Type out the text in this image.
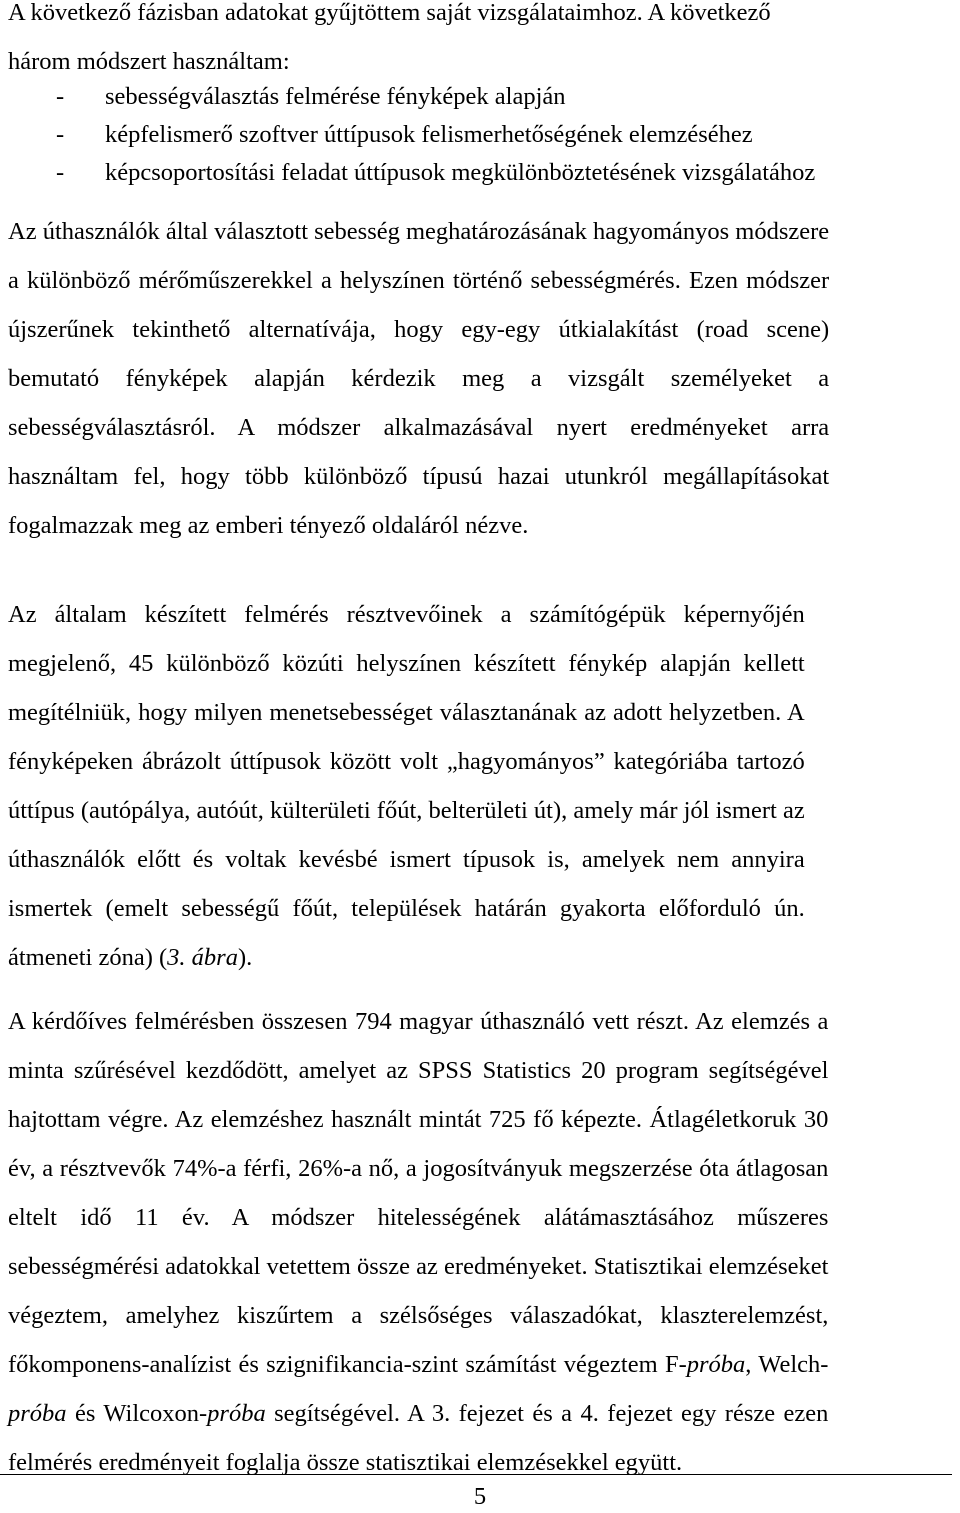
A következő fázisban adatokat gyűjtöttem saját vizsgálataimhoz. A következő
három módszert használtam:

- sebességválasztás felmérése fényképek alapján
- képfelismerő szoftver úttípusok felismerhetőségének elemzéséhez
- képcsoportosítási feladat úttípusok megkülönböztetésének vizsgálatához

Az úthasználók által választott sebesség meghatározásának hagyományos módszere
a különböző mérőműszerekkel a helyszínen történő sebességmérés. Ezen módszer
újszerűnek tekinthető alternatívája, hogy egy-egy útkialakítást (road scene)
bemutató fényképek alapján kérdezik meg a vizsgált személyeket a
sebességválasztásról. A módszer alkalmazásával nyert eredményeket arra
használtam fel, hogy több különböző típusú hazai utunkról megállapításokat
fogalmazzak meg az emberi tényező oldaláról nézve.

Az általam készített felmérés résztvevőinek a számítógépük képernyőjén
megjelenő, 45 különböző közúti helyszínen készített fénykép alapján kellett
megítélniük, hogy milyen menetsebességet választanának az adott helyzetben. A
fényképeken ábrázolt úttípusok között volt „hagyományos” kategóriába tartozó
úttípus (autópálya, autóút, külterületi főút, belterületi út), amely már jól ismert az
úthasználók előtt és voltak kevésbé ismert típusok is, amelyek nem annyira
ismertek (emelt sebességű főút, települések határán gyakorta előforduló ún.
átmeneti zóna) (3. ábra).

A kérdőíves felmérésben összesen 794 magyar úthasználó vett részt. Az elemzés a
minta szűrésével kezdődött, amelyet az SPSS Statistics 20 program segítségével
hajtottam végre. Az elemzéshez használt mintát 725 fő képezte. Átlagéletkoruk 30
év, a résztvevők 74%-a férfi, 26%-a nő, a jogosítványuk megszerzése óta átlagosan
eltelt idő 11 év. A módszer hitelességének alátámasztásához műszeres
sebességmérési adatokkal vetettem össze az eredményeket. Statisztikai elemzéseket
végeztem, amelyhez kiszűrtem a szélsőséges válaszadókat, klaszterelemzést,
főkomponens-analízist és szignifikancia-szint számítást végeztem F-próba, Welch-
próba és Wilcoxon-próba segítségével. A 3. fejezet és a 4. fejezet egy része ezen
felmérés eredményeit foglalja össze statisztikai elemzésekkel együtt.

5
